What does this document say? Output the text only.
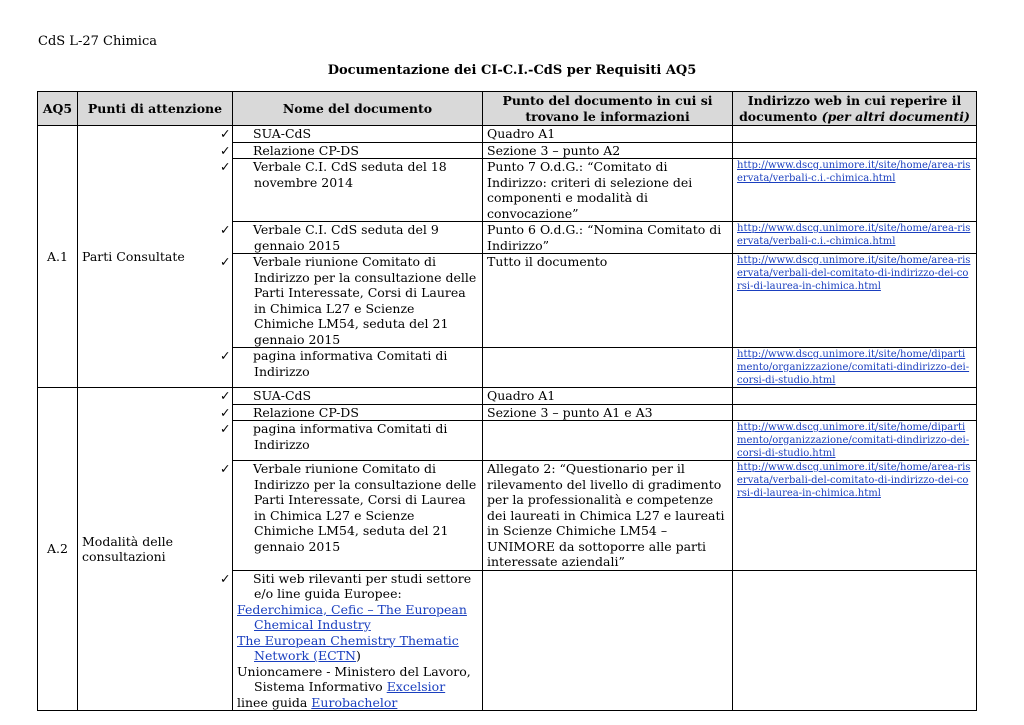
CdS L-27 Chimica
Documentazione dei CI-C.I.-CdS per Requisiti AQ5
AQ5	Punti di attenzione	Nome del documento	Punto del documento in cui si trovano le informazioni	Indirizzo web in cui reperire il documento (per altri documenti)
A.1	Parti Consultate	✓ SUA-CdS	Quadro A1	

		✓ Relazione CP-DS	Sezione 3 – punto A2	

		✓ Verbale C.I. CdS seduta del 18 novembre 2014	Punto 7 O.d.G.: “Comitato di Indirizzo: criteri di selezione dei componenti e modalità di convocazione”	http://www.dscg.unimore.it/site/home/area-riservata/verbali-c.i.-chimica.html

		✓ Verbale C.I. CdS seduta del 9 gennaio 2015	Punto 6 O.d.G.: “Nomina Comitato di Indirizzo”	http://www.dscg.unimore.it/site/home/area-riservata/verbali-c.i.-chimica.html

		✓ Verbale riunione Comitato di Indirizzo per la consultazione delle Parti Interessate, Corsi di Laurea in Chimica L27 e Scienze Chimiche LM54, seduta del 21 gennaio 2015	Tutto il documento	http://www.dscg.unimore.it/site/home/area-riservata/verbali-del-comitato-di-indirizzo-dei-corsi-di-laurea-in-chimica.html

		✓ pagina informativa Comitati di Indirizzo		http://www.dscg.unimore.it/site/home/dipartimento/organizzazione/comitati-dindirizzo-dei-corsi-di-studio.html
A.2	Modalità delle consultazioni	✓ SUA-CdS	Quadro A1	

		✓ Relazione CP-DS	Sezione 3 – punto A1 e A3	

		✓ pagina informativa Comitati di Indirizzo		http://www.dscg.unimore.it/site/home/dipartimento/organizzazione/comitati-dindirizzo-dei-corsi-di-studio.html

		✓ Verbale riunione Comitato di Indirizzo per la consultazione delle Parti Interessate, Corsi di Laurea in Chimica L27 e Scienze Chimiche LM54, seduta del 21 gennaio 2015	Allegato 2: “Questionario per il rilevamento del livello di gradimento per la professionalità e competenze dei laureati in Chimica L27 e laureati in Scienze Chimiche LM54 – UNIMORE da sottoporre alle parti interessate aziendali”	http://www.dscg.unimore.it/site/home/area-riservata/verbali-del-comitato-di-indirizzo-dei-corsi-di-laurea-in-chimica.html

		✓ Siti web rilevanti per studi settore e/o line guida Europee:
Federchimica, Cefic – The European Chemical Industry
The European Chemistry Thematic Network (ECTN)
Unioncamere - Ministero del Lavoro, Sistema Informativo Excelsior
linee guida Eurobachelor		
